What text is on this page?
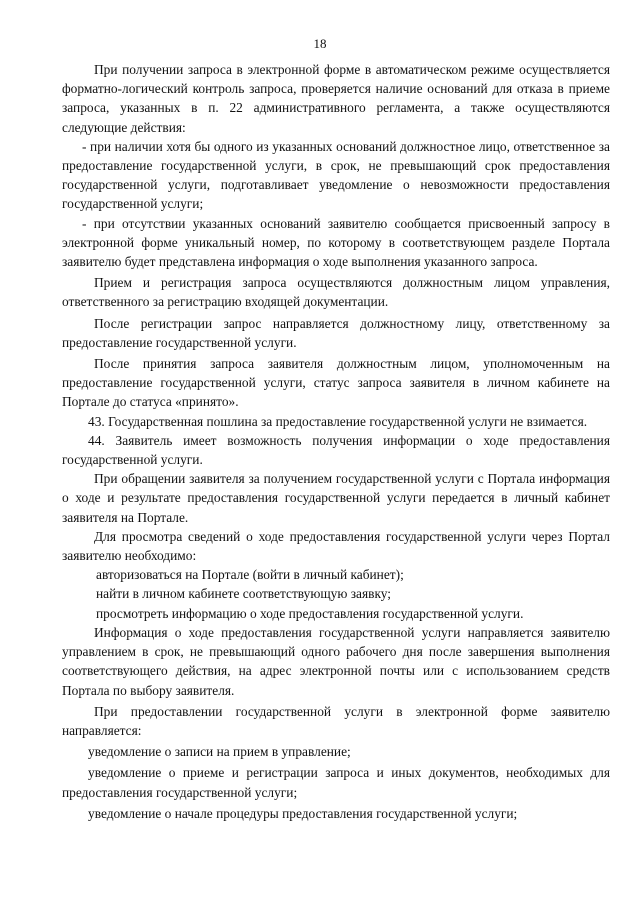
18

При получении запроса в электронной форме в автоматическом режиме осуществляется форматно-логический контроль запроса, проверяется наличие оснований для отказа в приеме запроса, указанных в п. 22 административного регламента, а также осуществляются следующие действия:

- при наличии хотя бы одного из указанных оснований должностное лицо, ответственное за предоставление государственной услуги, в срок, не превышающий срок предоставления государственной услуги, подготавливает уведомление о невозможности предоставления государственной услуги;

- при отсутствии указанных оснований заявителю сообщается присвоенный запросу в электронной форме уникальный номер, по которому в соответствующем разделе Портала заявителю будет представлена информация о ходе выполнения указанного запроса.

Прием и регистрация запроса осуществляются должностным лицом управления, ответственного за регистрацию входящей документации.

После регистрации запрос направляется должностному лицу, ответственному за предоставление государственной услуги.

После принятия запроса заявителя должностным лицом, уполномоченным на предоставление государственной услуги, статус запроса заявителя в личном кабинете на Портале до статуса «принято».

43. Государственная пошлина за предоставление государственной услуги не взимается.

44. Заявитель имеет возможность получения информации о ходе предоставления государственной услуги.

При обращении заявителя за получением государственной услуги с Портала информация о ходе и результате предоставления государственной услуги передается в личный кабинет заявителя на Портале.

Для просмотра сведений о ходе предоставления государственной услуги через Портал заявителю необходимо:

авторизоваться на Портале (войти в личный кабинет);

найти в личном кабинете соответствующую заявку;

просмотреть информацию о ходе предоставления государственной услуги.

Информация о ходе предоставления государственной услуги направляется заявителю управлением в срок, не превышающий одного рабочего дня после завершения выполнения соответствующего действия, на адрес электронной почты или с использованием средств Портала по выбору заявителя.

При предоставлении государственной услуги в электронной форме заявителю направляется:

уведомление о записи на прием в управление;

уведомление о приеме и регистрации запроса и иных документов, необходимых для предоставления государственной услуги;

уведомление о начале процедуры предоставления государственной услуги;
